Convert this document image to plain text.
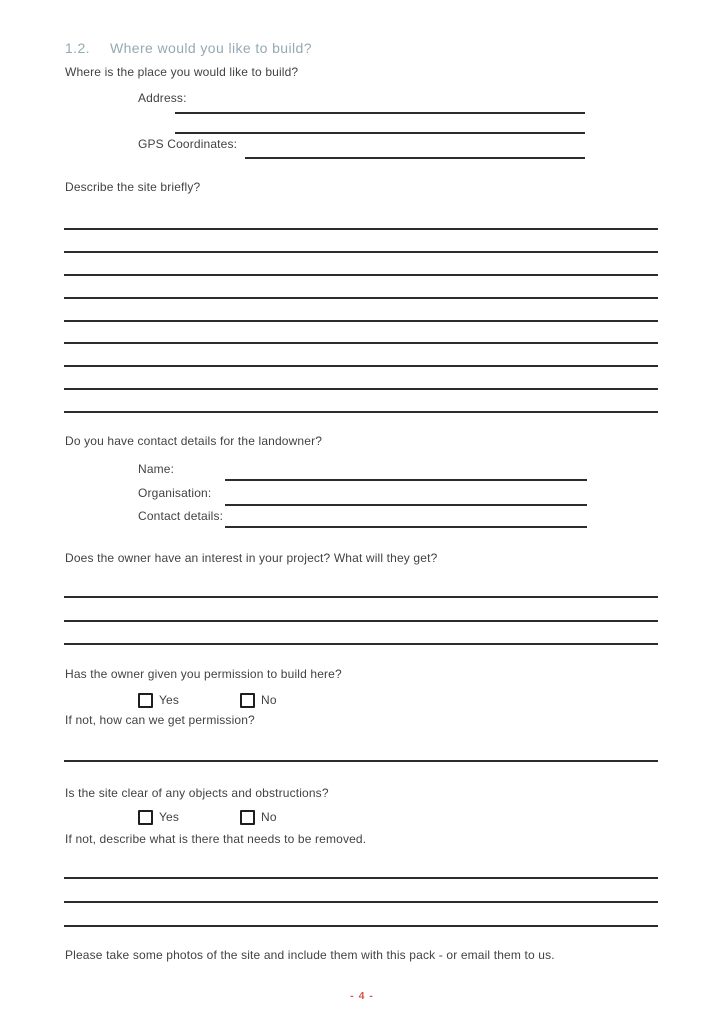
1.2. Where would you like to build?
Where is the place you would like to build?
Address:
GPS Coordinates:
Describe the site briefly?
Do you have contact details for the landowner?
Name:
Organisation:
Contact details:
Does the owner have an interest in your project? What will they get?
Has the owner given you permission to build here?
Yes	No
If not, how can we get permission?
Is the site clear of any objects and obstructions?
Yes	No
If not, describe what is there that needs to be removed.
Please take some photos of the site and include them with this pack - or email them to us.
- 4 -
